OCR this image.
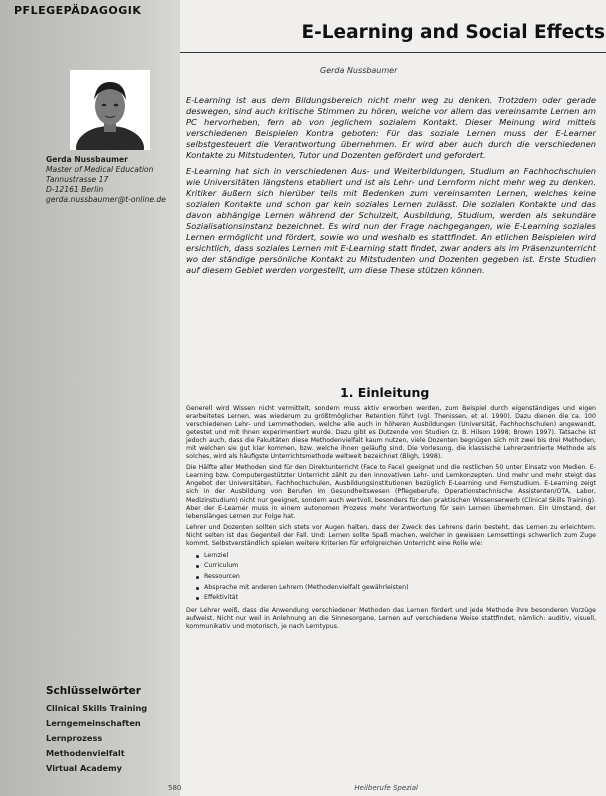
Gerda Nussbaumer
Master of Medical Education
Tannustrasse 17
D-12161 Berlin
gerda.nussbaumer@t-online.de
Schlüsselwörter
Clinical Skills Training
Lerngemeinschaften
Lernprozess
Methodenvielfalt
Virtual Academy
PFLEGEPÄDAGOGIK
E-Learning and Social Effects
Gerda Nussbaumer

E-Learning ist aus dem Bildungsbereich nicht mehr weg zu denken. Trotzdem oder gerade deswegen, sind auch kritische Stimmen zu hören, welche vor allem das vereinsamte Lernen am PC hervorheben, fern ab von jeglichem sozialem Kontakt. Dieser Meinung wird mittels verschiedenen Beispielen Kontra geboten: Für das soziale Lernen muss der E-Learner selbstgesteuert die Verantwortung übernehmen. Er wird aber auch durch die verschiedenen Kontakte zu Mitstudenten, Tutor und Dozenten gefördert und gefordert.

E-Learning hat sich in verschiedenen Aus- und Weiterbildungen, Studium an Fachhochschulen wie Universitäten längstens etabliert und ist als Lehr- und Lernform nicht mehr weg zu denken. Kritiker äußern sich hierüber teils mit Bedenken zum vereinsamten Lernen, welches keine sozialen Kontakte und schon gar kein soziales Lernen zulässt. Die sozialen Kontakte und das davon abhängige Lernen während der Schulzeit, Ausbildung, Studium, werden als sekundäre Sozialisationsinstanz bezeichnet. Es wird nun der Frage nachgegangen, wie E-Learning soziales Lernen ermöglicht und fördert, sowie wo und weshalb es stattfindet. An etlichen Beispielen wird ersichtlich, dass soziales Lernen mit E-Learning statt findet, zwar anders als im Präsenzunterricht wo der ständige persönliche Kontakt zu Mitstudenten und Dozenten gegeben ist. Erste Studien auf diesem Gebiet werden vorgestellt, um diese These stützen können.

1. Einleitung

Generell wird Wissen nicht vermittelt, sondern muss aktiv erworben werden, zum Beispiel durch eigenständiges und eigen erarbeitetes Lernen, was wiederum zu größtmöglicher Retention führt (vgl. Thenissen, et al. 1990). Dazu dienen die ca. 100 verschiedenen Lehr- und Lernmethoden, welche alle auch in höheren Ausbildungen (Universität, Fachhochschulen) angewandt, getestet und mit Ihnen experimentiert wurde. Dazu gibt es Dutzende von Studien (z. B. Hilson 1998; Brown 1997). Tatsache ist jedoch auch, dass die Fakultäten diese Methodenvielfalt kaum nutzen, viele Dozenten begnügen sich mit zwei bis drei Methoden, mit welchen sie gut klar kommen, bzw. welche ihnen geläufig sind. Die Vorlesung, die klassische Lehrerzentrierte Methode als solches, wird als häufigste Unterrichtsmethode weltweit bezeichnet (Bligh, 1998).

Die Hälfte aller Methoden sind für den Direktunterricht (Face to Face) geeignet und die restlichen 50 unter Einsatz von Medien. E-Learning bzw. Computergestützter Unterricht zählt zu den innovativen Lehr- und Lernkonzepten. Und mehr und mehr steigt das Angebot der Universitäten, Fachhochschulen, Ausbildungsinstitutionen bezüglich E-Learning und Fernstudium. E-Learning zeigt sich in der Ausbildung von Berufen im Gesundheitswesen (Pflegeberufe, Operationstechnische Assistenten/OTA, Labor, Medizinstudium) nicht nur geeignet, sondern auch wertvoll, besonders für den praktischen Wissenserwerb (Clinical Skills Training). Aber der E-Learner muss in einem autonomen Prozess mehr Verantwortung für sein Lernen übernehmen. Ein Umstand, der lebenslänges Lernen zur Folge hat.

Lehrer und Dozenten sollten sich stets vor Augen halten, dass der Zweck des Lehrens darin besteht, das Lernen zu erleichtern. Nicht selten ist das Gegenteil der Fall. Und: Lernen sollte Spaß machen, welcher in gewissen Lernsettings schwerlich zum Zuge kommt. Selbstverständlich spielen weitere Kriterien für erfolgreichen Unterricht eine Rolle wie:

Lernziel
Curriculum
Ressourcen
Absprache mit anderen Lehrern (Methodenvielfalt gewährleisten)
Effektivität

Der Lehrer weiß, dass die Anwendung verschiedener Methoden das Lernen fördert und jede Methode ihre besonderen Vorzüge aufweist. Nicht nur weil in Anlehnung an die Sinnesorgane, Lernen auf verschiedene Weise stattfindet, nämlich: auditiv, visuell, kommunikativ und motorisch, je nach Lerntypus.

580	Heilberufe Spezial
